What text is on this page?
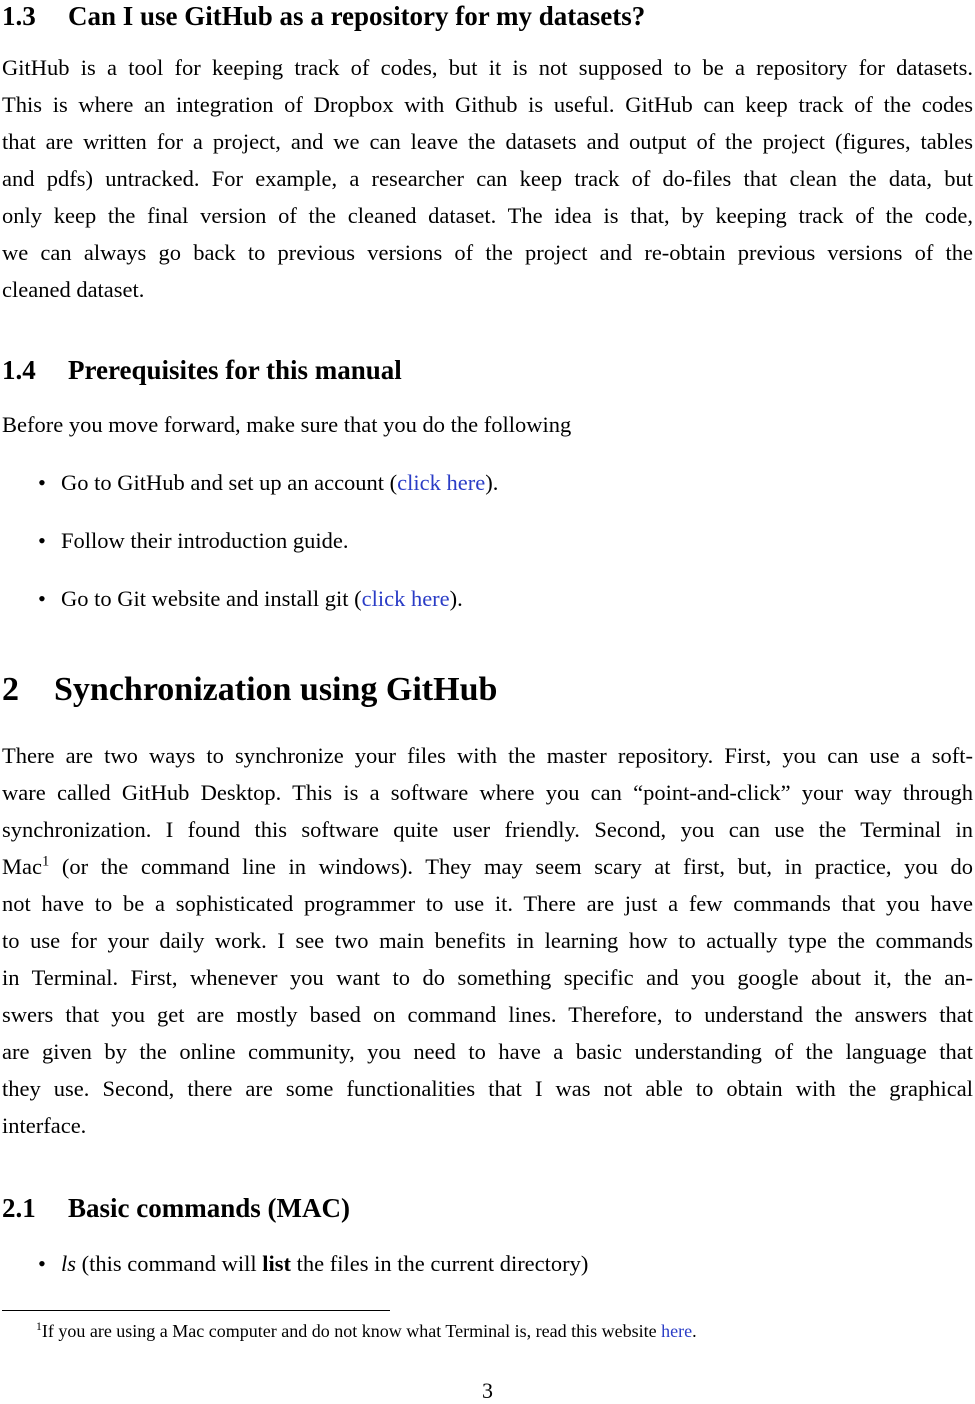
1.3 Can I use GitHub as a repository for my datasets?
GitHub is a tool for keeping track of codes, but it is not supposed to be a repository for datasets.
This is where an integration of Dropbox with Github is useful. GitHub can keep track of the codes
that are written for a project, and we can leave the datasets and output of the project (figures, tables
and pdfs) untracked. For example, a researcher can keep track of do-files that clean the data, but
only keep the final version of the cleaned dataset. The idea is that, by keeping track of the code,
we can always go back to previous versions of the project and re-obtain previous versions of the
cleaned dataset.
1.4 Prerequisites for this manual
Before you move forward, make sure that you do the following
• Go to GitHub and set up an account (click here).
• Follow their introduction guide.
• Go to Git website and install git (click here).
2 Synchronization using GitHub
There are two ways to synchronize your files with the master repository. First, you can use a soft-
ware called GitHub Desktop. This is a software where you can “point-and-click” your way through
synchronization. I found this software quite user friendly. Second, you can use the Terminal in
Mac$^1$ (or the command line in windows). They may seem scary at first, but, in practice, you do
not have to be a sophisticated programmer to use it. There are just a few commands that you have
to use for your daily work. I see two main benefits in learning how to actually type the commands
in Terminal. First, whenever you want to do something specific and you google about it, the an-
swers that you get are mostly based on command lines. Therefore, to understand the answers that
are given by the online community, you need to have a basic understanding of the language that
they use. Second, there are some functionalities that I was not able to obtain with the graphical
interface.
2.1 Basic commands (MAC)
• ls (this command will list the files in the current directory)
$^1$If you are using a Mac computer and do not know what Terminal is, read this website here.
3
